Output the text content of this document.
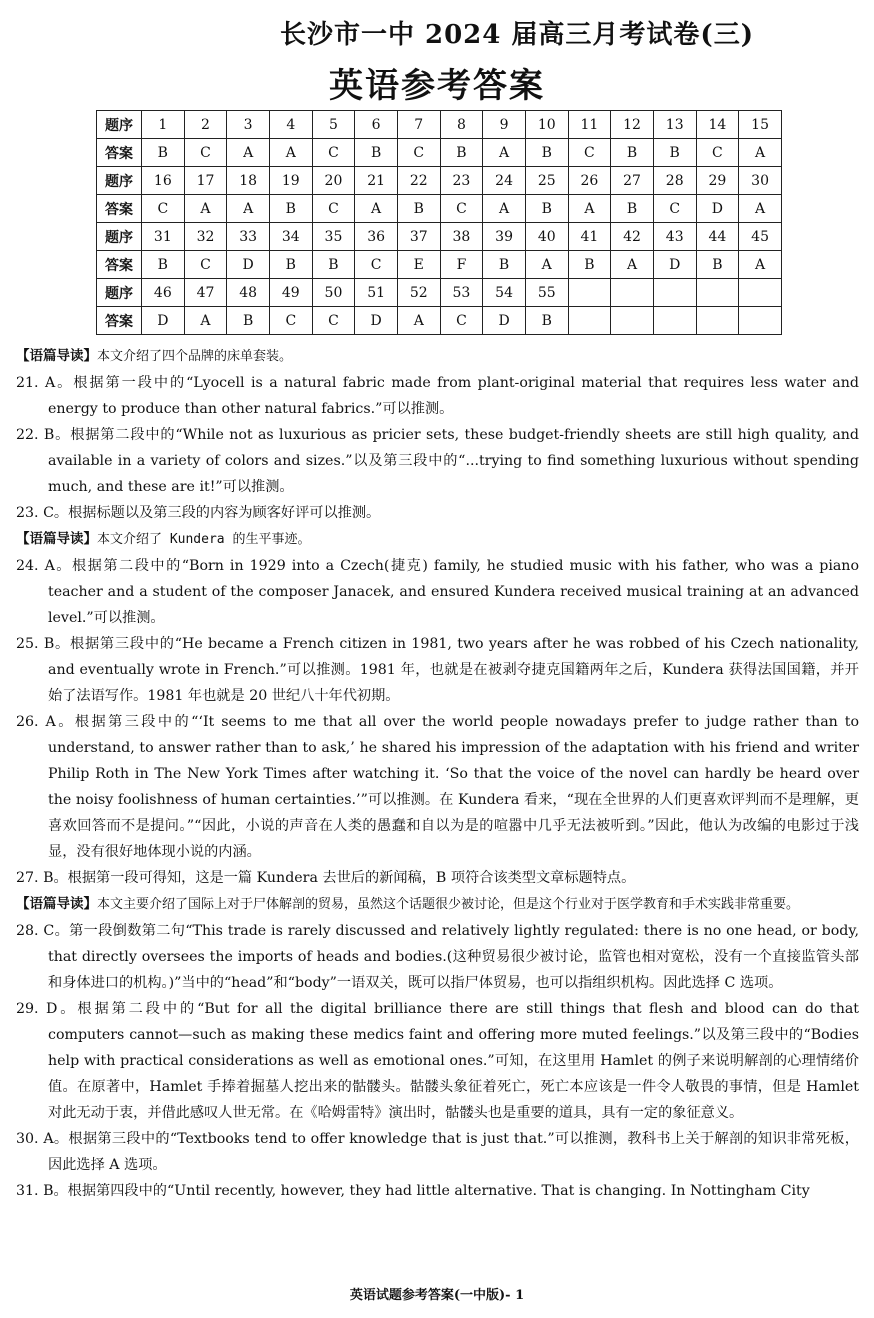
长沙市一中 2024 届高三月考试卷(三)
英语参考答案
题序	1	2	3	4	5	6	7	8	9	10	11	12	13	14	15
答案	B	C	A	A	C	B	C	B	A	B	C	B	B	C	A
题序	16	17	18	19	20	21	22	23	24	25	26	27	28	29	30
答案	C	A	A	B	C	A	B	C	A	B	A	B	C	D	A
题序	31	32	33	34	35	36	37	38	39	40	41	42	43	44	45
答案	B	C	D	B	B	C	E	F	B	A	B	A	D	B	A
题序	46	47	48	49	50	51	52	53	54	55					
答案	D	A	B	C	C	D	A	C	D	B					
【语篇导读】本文介绍了四个品牌的床单套装。
21. A。根据第一段中的“Lyocell is a natural fabric made from plant-original material that requires less water and energy to produce than other natural fabrics.”可以推测。
22. B。根据第二段中的“While not as luxurious as pricier sets, these budget-friendly sheets are still high quality, and available in a variety of colors and sizes.”以及第三段中的“...trying to find something luxurious without spending much, and these are it!”可以推测。
23. C。根据标题以及第三段的内容为顾客好评可以推测。
【语篇导读】本文介绍了 Kundera 的生平事迹。
24. A。根据第二段中的“Born in 1929 into a Czech(捷克) family, he studied music with his father, who was a piano teacher and a student of the composer Janacek, and ensured Kundera received musical training at an advanced level.”可以推测。
25. B。根据第三段中的“He became a French citizen in 1981, two years after he was robbed of his Czech nationality, and eventually wrote in French.”可以推测。1981 年，也就是在被剥夺捷克国籍两年之后，Kundera 获得法国国籍，并开始了法语写作。1981 年也就是 20 世纪八十年代初期。
26. A。根据第三段中的“‘It seems to me that all over the world people nowadays prefer to judge rather than to understand, to answer rather than to ask,’ he shared his impression of the adaptation with his friend and writer Philip Roth in The New York Times after watching it. ‘So that the voice of the novel can hardly be heard over the noisy foolishness of human certainties.’”可以推测。在 Kundera 看来，“现在全世界的人们更喜欢评判而不是理解，更喜欢回答而不是提问。”“因此，小说的声音在人类的愚蠢和自以为是的喧嚣中几乎无法被听到。”因此，他认为改编的电影过于浅显，没有很好地体现小说的内涵。
27. B。根据第一段可得知，这是一篇 Kundera 去世后的新闻稿，B 项符合该类型文章标题特点。
【语篇导读】本文主要介绍了国际上对于尸体解剖的贸易，虽然这个话题很少被讨论，但是这个行业对于医学教育和手术实践非常重要。
28. C。第一段倒数第二句“This trade is rarely discussed and relatively lightly regulated: there is no one head, or body, that directly oversees the imports of heads and bodies.(这种贸易很少被讨论，监管也相对宽松，没有一个直接监管头部和身体进口的机构。)”当中的“head”和“body”一语双关，既可以指尸体贸易，也可以指组织机构。因此选择 C 选项。
29. D。根据第二段中的“But for all the digital brilliance there are still things that flesh and blood can do that computers cannot—such as making these medics faint and offering more muted feelings.”以及第三段中的“Bodies help with practical considerations as well as emotional ones.”可知，在这里用 Hamlet 的例子来说明解剖的心理情绪价值。在原著中，Hamlet 手捧着掘墓人挖出来的骷髅头。骷髅头象征着死亡，死亡本应该是一件令人敬畏的事情，但是 Hamlet 对此无动于衷，并借此感叹人世无常。在《哈姆雷特》演出时，骷髅头也是重要的道具，具有一定的象征意义。
30. A。根据第三段中的“Textbooks tend to offer knowledge that is just that.”可以推测，教科书上关于解剖的知识非常死板，因此选择 A 选项。
31. B。根据第四段中的“Until recently, however, they had little alternative. That is changing. In Nottingham City
英语试题参考答案(一中版)- 1
